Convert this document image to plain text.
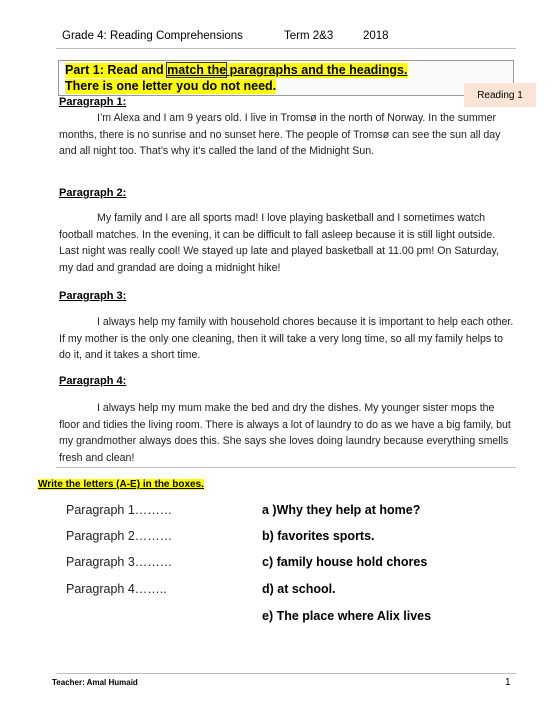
Grade 4: Reading Comprehensions	Term 2&3	2018
Part 1: Read and match the paragraphs and the headings.
There is one letter you do not need.
Reading 1
Paragraph 1:
I’m Alexa and I am 9 years old. I live in Tromsø in the north of Norway. In the summer months, there is no sunrise and no sunset here. The people of Tromsø can see the sun all day and all night too. That’s why it’s called the land of the Midnight Sun.
Paragraph 2:
My family and I are all sports mad! I love playing basketball and I sometimes watch football matches. In the evening, it can be difficult to fall asleep because it is still light outside. Last night was really cool! We stayed up late and played basketball at 11.00 pm! On Saturday, my dad and grandad are doing a midnight hike!
Paragraph 3:
I always help my family with household chores because it is important to help each other. If my mother is the only one cleaning, then it will take a very long time, so all my family helps to do it, and it takes a short time.
Paragraph 4:
I always help my mum make the bed and dry the dishes. My younger sister mops the floor and tidies the living room. There is always a lot of laundry to do as we have a big family, but my grandmother always does this. She says she loves doing laundry because everything smells fresh and clean!
Write the letters (A-E) in the boxes.
Paragraph 1………
Paragraph 2………
Paragraph 3………
Paragraph 4……..
a )Why they help at home?
b) favorites sports.
c) family house hold chores
d) at school.
e) The place where Alix lives
Teacher: Amal Humaid	1
